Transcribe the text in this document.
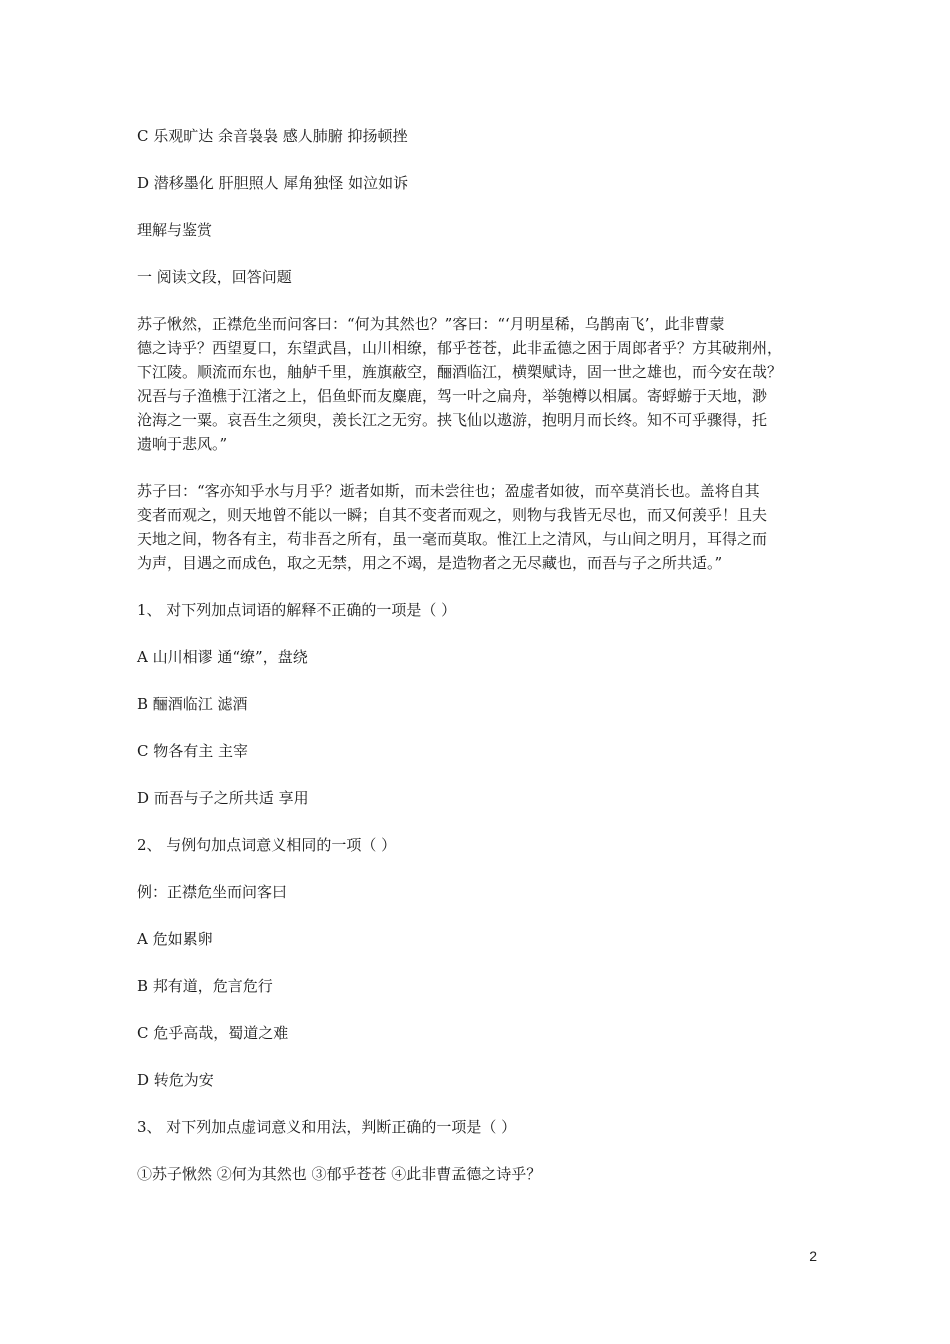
C 乐观旷达 余音袅袅 感人肺腑 抑扬顿挫

D 潜移墨化 肝胆照人 犀角独怪 如泣如诉

理解与鉴赏

一 阅读文段，回答问题

苏子愀然，正襟危坐而问客曰：“何为其然也？”客曰：“‘月明星稀，乌鹊南飞’，此非曹蒙

德之诗乎？西望夏口，东望武昌，山川相缭，郁乎苍苍，此非孟德之困于周郎者乎？方其破荆州，

下江陵。顺流而东也，舳舻千里，旌旗蔽空，酾酒临江，横槊赋诗，固一世之雄也，而今安在哉？

况吾与子渔樵于江渚之上，侣鱼虾而友麋鹿，驾一叶之扁舟，举匏樽以相属。寄蜉蝣于天地，渺

沧海之一粟。哀吾生之须臾，羡长江之无穷。挟飞仙以遨游，抱明月而长终。知不可乎骤得，托

遗响于悲风。”

苏子曰：“客亦知乎水与月乎？逝者如斯，而未尝往也；盈虚者如彼，而卒莫消长也。盖将自其

变者而观之，则天地曾不能以一瞬；自其不变者而观之，则物与我皆无尽也，而又何羡乎！且夫

天地之间，物各有主，苟非吾之所有，虽一毫而莫取。惟江上之清风，与山间之明月，耳得之而

为声，目遇之而成色，取之无禁，用之不竭，是造物者之无尽藏也，而吾与子之所共适。”

1、 对下列加点词语的解释不正确的一项是（ ）

A 山川相谬 通“缭”，盘绕

B 酾酒临江 滤酒

C 物各有主 主宰

D 而吾与子之所共适 享用

2、 与例句加点词意义相同的一项（ ）

例：正襟危坐而问客曰

A 危如累卵

B 邦有道，危言危行

C 危乎高哉，蜀道之难

D 转危为安

3、 对下列加点虚词意义和用法，判断正确的一项是（ ）

①苏子愀然 ②何为其然也 ③郁乎苍苍 ④此非曹孟德之诗乎？

2
